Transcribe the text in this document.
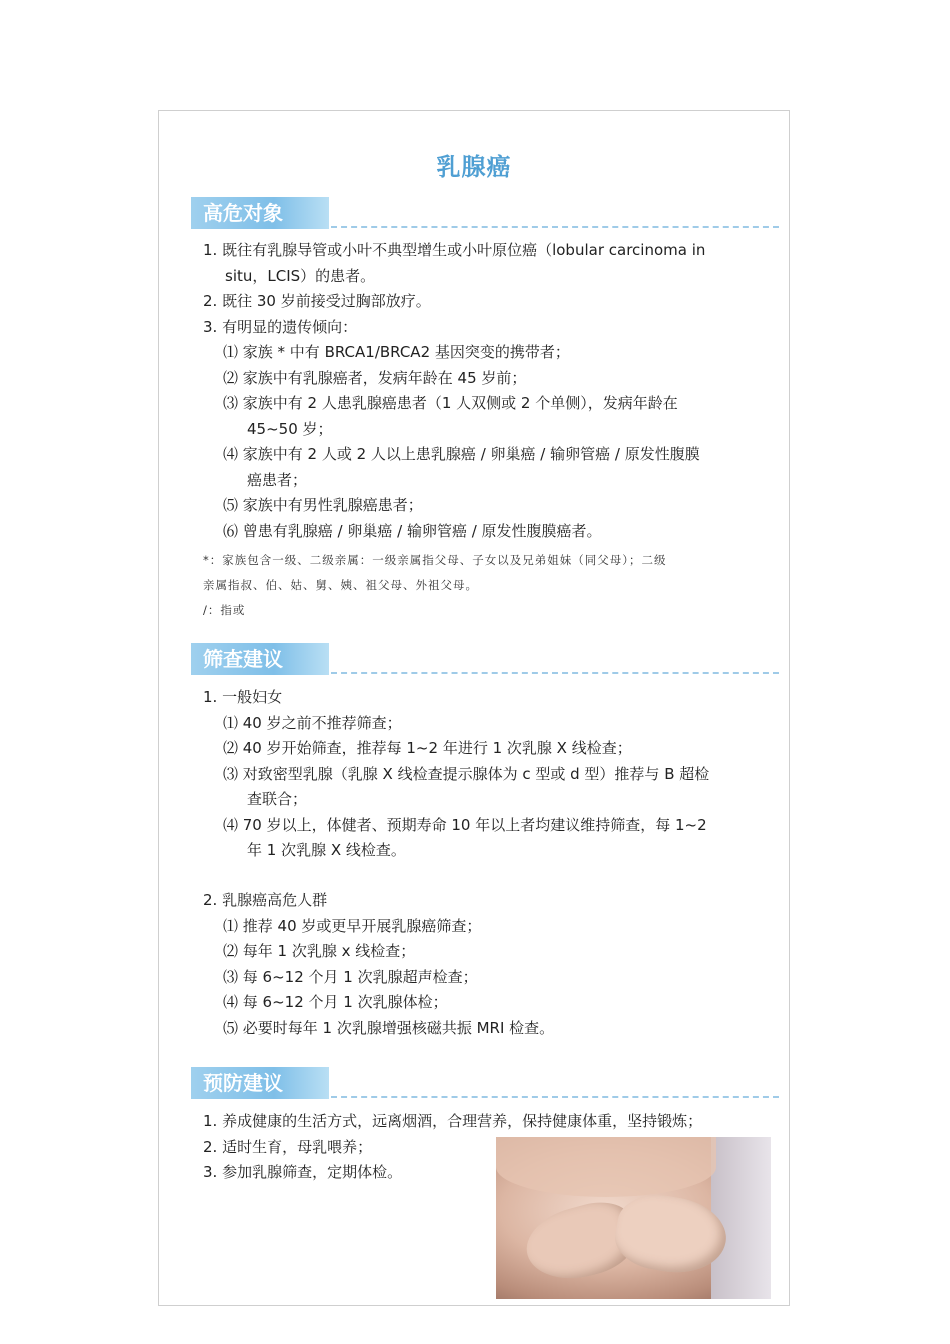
乳腺癌
高危对象
1. 既往有乳腺导管或小叶不典型增生或小叶原位癌（lobular carcinoma in
situ，LCIS）的患者。
2. 既往 30 岁前接受过胸部放疗。
3. 有明显的遗传倾向：
⑴ 家族 * 中有 BRCA1/BRCA2 基因突变的携带者；
⑵ 家族中有乳腺癌者，发病年龄在 45 岁前；
⑶ 家族中有 2 人患乳腺癌患者（1 人双侧或 2 个单侧），发病年龄在
45~50 岁；
⑷ 家族中有 2 人或 2 人以上患乳腺癌 / 卵巢癌 / 输卵管癌 / 原发性腹膜
癌患者；
⑸ 家族中有男性乳腺癌患者；
⑹ 曾患有乳腺癌 / 卵巢癌 / 输卵管癌 / 原发性腹膜癌者。
*：家族包含一级、二级亲属：一级亲属指父母、子女以及兄弟姐妹（同父母）；二级
亲属指叔、伯、姑、舅、姨、祖父母、外祖父母。
/：指或
筛查建议
1. 一般妇女
⑴ 40 岁之前不推荐筛查；
⑵ 40 岁开始筛查，推荐每 1~2 年进行 1 次乳腺 X 线检查；
⑶ 对致密型乳腺（乳腺 X 线检查提示腺体为 c 型或 d 型）推荐与 B 超检
查联合；
⑷ 70 岁以上，体健者、预期寿命 10 年以上者均建议维持筛查，每 1~2
年 1 次乳腺 X 线检查。
2. 乳腺癌高危人群
⑴ 推荐 40 岁或更早开展乳腺癌筛查；
⑵ 每年 1 次乳腺 x 线检查；
⑶ 每 6~12 个月 1 次乳腺超声检查；
⑷ 每 6~12 个月 1 次乳腺体检；
⑸ 必要时每年 1 次乳腺增强核磁共振 MRI 检查。
预防建议
1. 养成健康的生活方式，远离烟酒，合理营养，保持健康体重，坚持锻炼；
2. 适时生育，母乳喂养；
3. 参加乳腺筛查，定期体检。
